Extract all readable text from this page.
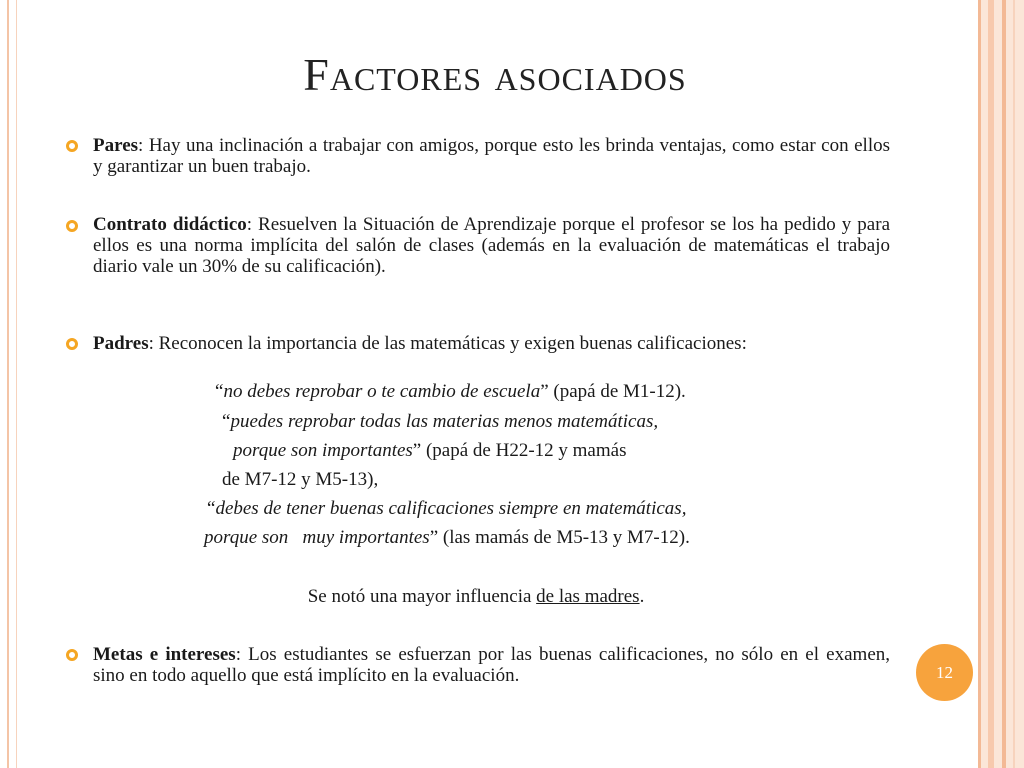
Factores asociados
Pares: Hay una inclinación a trabajar con amigos, porque esto les brinda ventajas, como estar con ellos y garantizar un buen trabajo.
Contrato didáctico: Resuelven la Situación de Aprendizaje porque el profesor se los ha pedido y para ellos es una norma implícita del salón de clases (además en la evaluación de matemáticas el trabajo diario vale un 30% de su calificación).
Padres: Reconocen la importancia de las matemáticas y exigen buenas calificaciones:
“no debes reprobar o te cambio de escuela” (papá de M1-12).
“puedes reprobar todas las materias menos matemáticas,
porque son importantes” (papá de H22-12 y mamás
de M7-12 y M5-13),
“debes de tener buenas calificaciones siempre en matemáticas,
porque son   muy importantes” (las mamás de M5-13 y M7-12).
Se notó una mayor influencia de las madres.
Metas e intereses: Los estudiantes se esfuerzan por las buenas calificaciones, no sólo en el examen, sino en todo aquello que está implícito en la evaluación.	12
